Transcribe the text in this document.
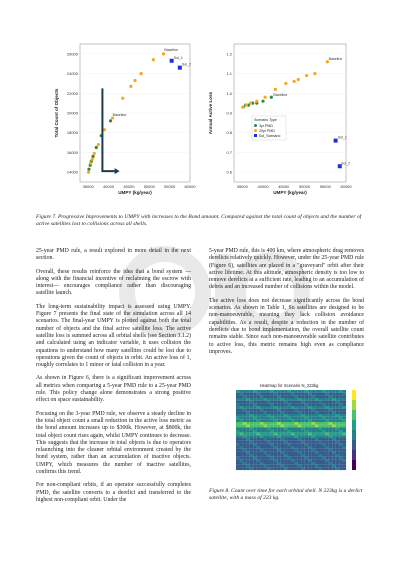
26000
24000
22000
20000
18000
16000
14000
35000 40000 45000 50000 55000 60000
UMPY (kg/year)
Total Count of Objects
Baseline
Sol_1
Sol_2
Baseline
1.2
1.1
1.0
0.9
0.8
0.7
0.6
35000 40000 45000 50000 55000 60000
UMPY (kg/year)
Annual Active Loss
Baseline
Baseline
Sol_1
Sol_2
Scenario Type
3yr PMD
25yr PMD
Sol_Scenario
Figure 7. Progressive Improvements to UMPY with increases to the Bond amount. Compared against the total count of objects and the number of active satellites lost to collisions across all shells.

25-year PMD rule, a result explored in more detail in the next section.

Overall, these results reinforce the idea that a bond system —along with the financial incentive of reclaiming the escrow with interest— encourages compliance rather than discouraging satellite launch.

The long-term sustainability impact is assessed using UMPY. Figure 7 presents the final state of the simulation across all 14 scenarios. The final-year UMPY is plotted against both the total number of objects and the final active satellite loss. The active satellite loss is summed across all orbital shells (see Section 3.1.2) and calculated using an indicator variable, it uses collision the equations to understand how many satellites could be lost due to operations given the count of objects in orbit. An active loss of 1, roughly correlates to 1 minor or fatal collision in a year.

As shown in Figure 6, there is a significant improvement across all metrics when comparing a 5-year PMD rule to a 25-year PMD rule. This policy change alone demonstrates a strong positive effect on space sustainability.

Focusing on the 3-year PMD rule, we observe a steady decline in the total object count a small reduction in the active loss metric as the bond amount increases up to $300k. However, at $800k, the total object count rises again, whilst UMPY continues to decrease. This suggests that the increase in total objects is due to operators relaunching into the cleaner orbital environment created by the bond system, rather than an accumulation of inactive objects. UMPY, which measures the number of inactive satellites, confirms this trend.

For non-compliant orbits, if an operator successfully completes PMD, the satellite converts to a derelict and transferred to the highest non-compliant orbit. Under the

5-year PMD rule, this is 400 km, where atmospheric drag removes derelicts relatively quickly. However, under the 25-year PMD rule (Figure 6), satellites are placed in a "graveyard" orbit after their active lifetime. At this altitude, atmospheric density is too low to remove derelicts at a sufficient rate, leading to an accumulation of debris and an increased number of collisions within the model.

The active loss does not decrease significantly across the bond scenarios. As shown in Table 1, Su satellites are designed to be non-manoeuvrable, meaning they lack collision avoidance capabilities. As a result, despite a reduction in the number of derelicts due to bond implementation, the overall satellite count remains stable. Since each non-manoeuvrable satellite contributes to active loss, this metric remains high even as compliance improves.

Heatmap for Scenario N_223kg
Figure 8. Count over time for each orbital shell. N 223kg is a derlict satellite, with a mass of 223 kg.
